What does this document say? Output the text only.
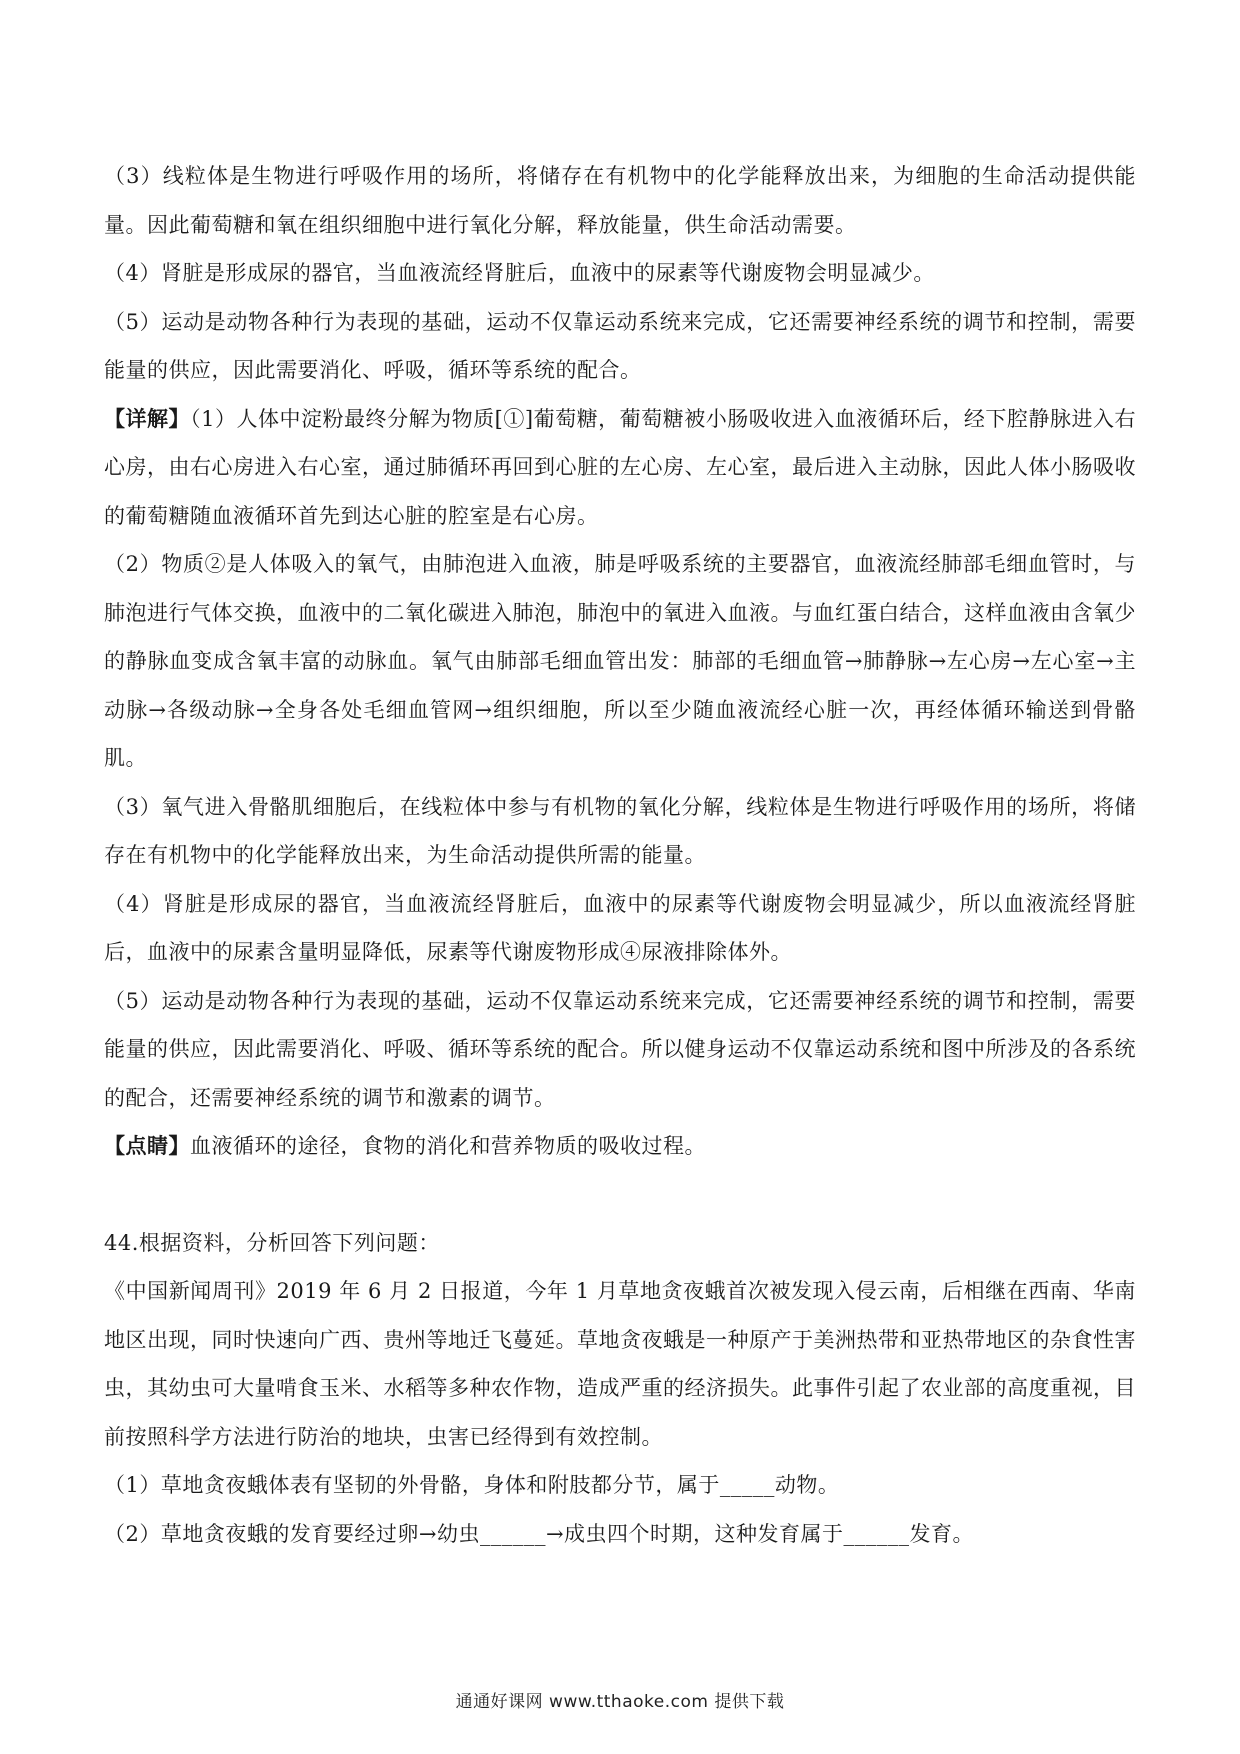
（3）线粒体是生物进行呼吸作用的场所，将储存在有机物中的化学能释放出来，为细胞的生命活动提供能量。因此葡萄糖和氧在组织细胞中进行氧化分解，释放能量，供生命活动需要。

（4）肾脏是形成尿的器官，当血液流经肾脏后，血液中的尿素等代谢废物会明显减少。

（5）运动是动物各种行为表现的基础，运动不仅靠运动系统来完成，它还需要神经系统的调节和控制，需要能量的供应，因此需要消化、呼吸，循环等系统的配合。

【详解】（1）人体中淀粉最终分解为物质[①]葡萄糖，葡萄糖被小肠吸收进入血液循环后，经下腔静脉进入右心房，由右心房进入右心室，通过肺循环再回到心脏的左心房、左心室，最后进入主动脉，因此人体小肠吸收的葡萄糖随血液循环首先到达心脏的腔室是右心房。

（2）物质②是人体吸入的氧气，由肺泡进入血液，肺是呼吸系统的主要器官，血液流经肺部毛细血管时，与肺泡进行气体交换，血液中的二氧化碳进入肺泡，肺泡中的氧进入血液。与血红蛋白结合，这样血液由含氧少的静脉血变成含氧丰富的动脉血。氧气由肺部毛细血管出发：肺部的毛细血管→肺静脉→左心房→左心室→主动脉→各级动脉→全身各处毛细血管网→组织细胞，所以至少随血液流经心脏一次，再经体循环输送到骨骼肌。

（3）氧气进入骨骼肌细胞后，在线粒体中参与有机物的氧化分解，线粒体是生物进行呼吸作用的场所，将储存在有机物中的化学能释放出来，为生命活动提供所需的能量。

（4）肾脏是形成尿的器官，当血液流经肾脏后，血液中的尿素等代谢废物会明显减少，所以血液流经肾脏后，血液中的尿素含量明显降低，尿素等代谢废物形成④尿液排除体外。

（5）运动是动物各种行为表现的基础，运动不仅靠运动系统来完成，它还需要神经系统的调节和控制，需要能量的供应，因此需要消化、呼吸、循环等系统的配合。所以健身运动不仅靠运动系统和图中所涉及的各系统的配合，还需要神经系统的调节和激素的调节。

【点睛】血液循环的途径，食物的消化和营养物质的吸收过程。

44.根据资料，分析回答下列问题：

《中国新闻周刊》2019 年 6 月 2 日报道，今年 1 月草地贪夜蛾首次被发现入侵云南，后相继在西南、华南地区出现，同时快速向广西、贵州等地迁飞蔓延。草地贪夜蛾是一种原产于美洲热带和亚热带地区的杂食性害虫，其幼虫可大量啃食玉米、水稻等多种农作物，造成严重的经济损失。此事件引起了农业部的高度重视，目前按照科学方法进行防治的地块，虫害已经得到有效控制。

（1）草地贪夜蛾体表有坚韧的外骨骼，身体和附肢都分节，属于_____动物。

（2）草地贪夜蛾的发育要经过卵→幼虫______→成虫四个时期，这种发育属于______发育。

通通好课网 www.tthaoke.com 提供下载
